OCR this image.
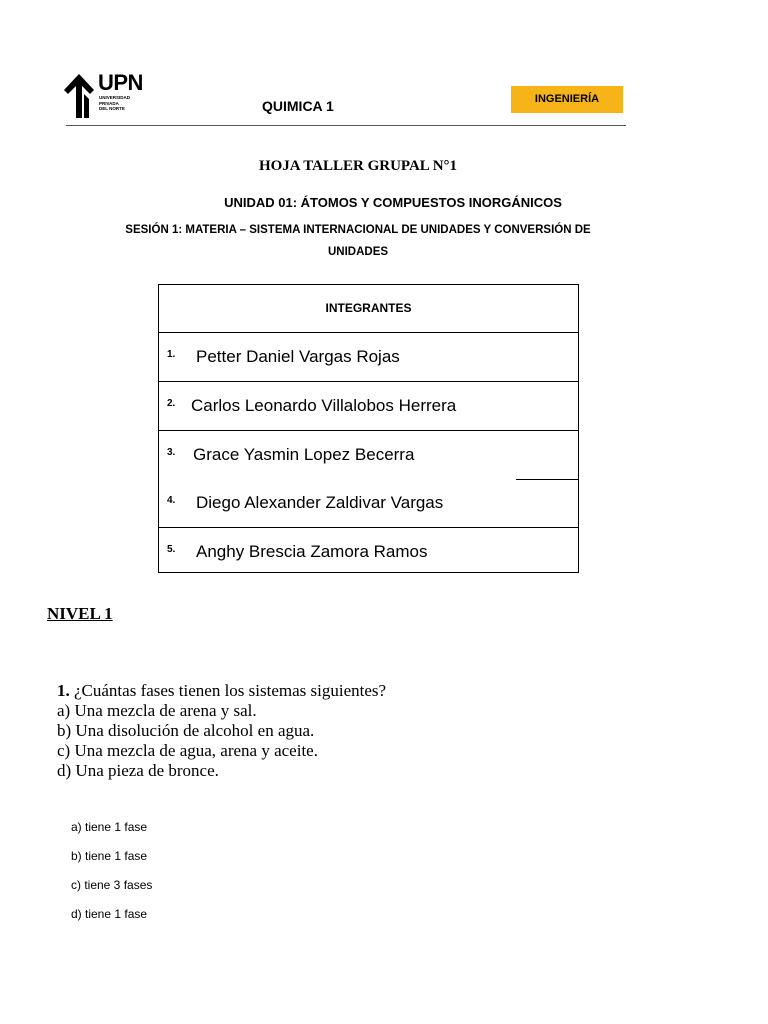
UPN
UNIVERSIDAD
PRIVADA
DEL NORTE	QUIMICA 1	INGENIERÍA
HOJA TALLER GRUPAL N°1
UNIDAD 01: ÁTOMOS Y COMPUESTOS INORGÁNICOS
SESIÓN 1: MATERIA – SISTEMA INTERNACIONAL DE UNIDADES Y CONVERSIÓN DE
UNIDADES
INTEGRANTES
1. Petter Daniel Vargas Rojas
2. Carlos Leonardo Villalobos Herrera
3. Grace Yasmin Lopez Becerra
4. Diego Alexander Zaldivar Vargas
5. Anghy Brescia Zamora Ramos
NIVEL 1
1. ¿Cuántas fases tienen los sistemas siguientes?
a) Una mezcla de arena y sal.
b) Una disolución de alcohol en agua.
c) Una mezcla de agua, arena y aceite.
d) Una pieza de bronce.
a) tiene 1 fase
b) tiene 1 fase
c) tiene 3 fases
d) tiene 1 fase
